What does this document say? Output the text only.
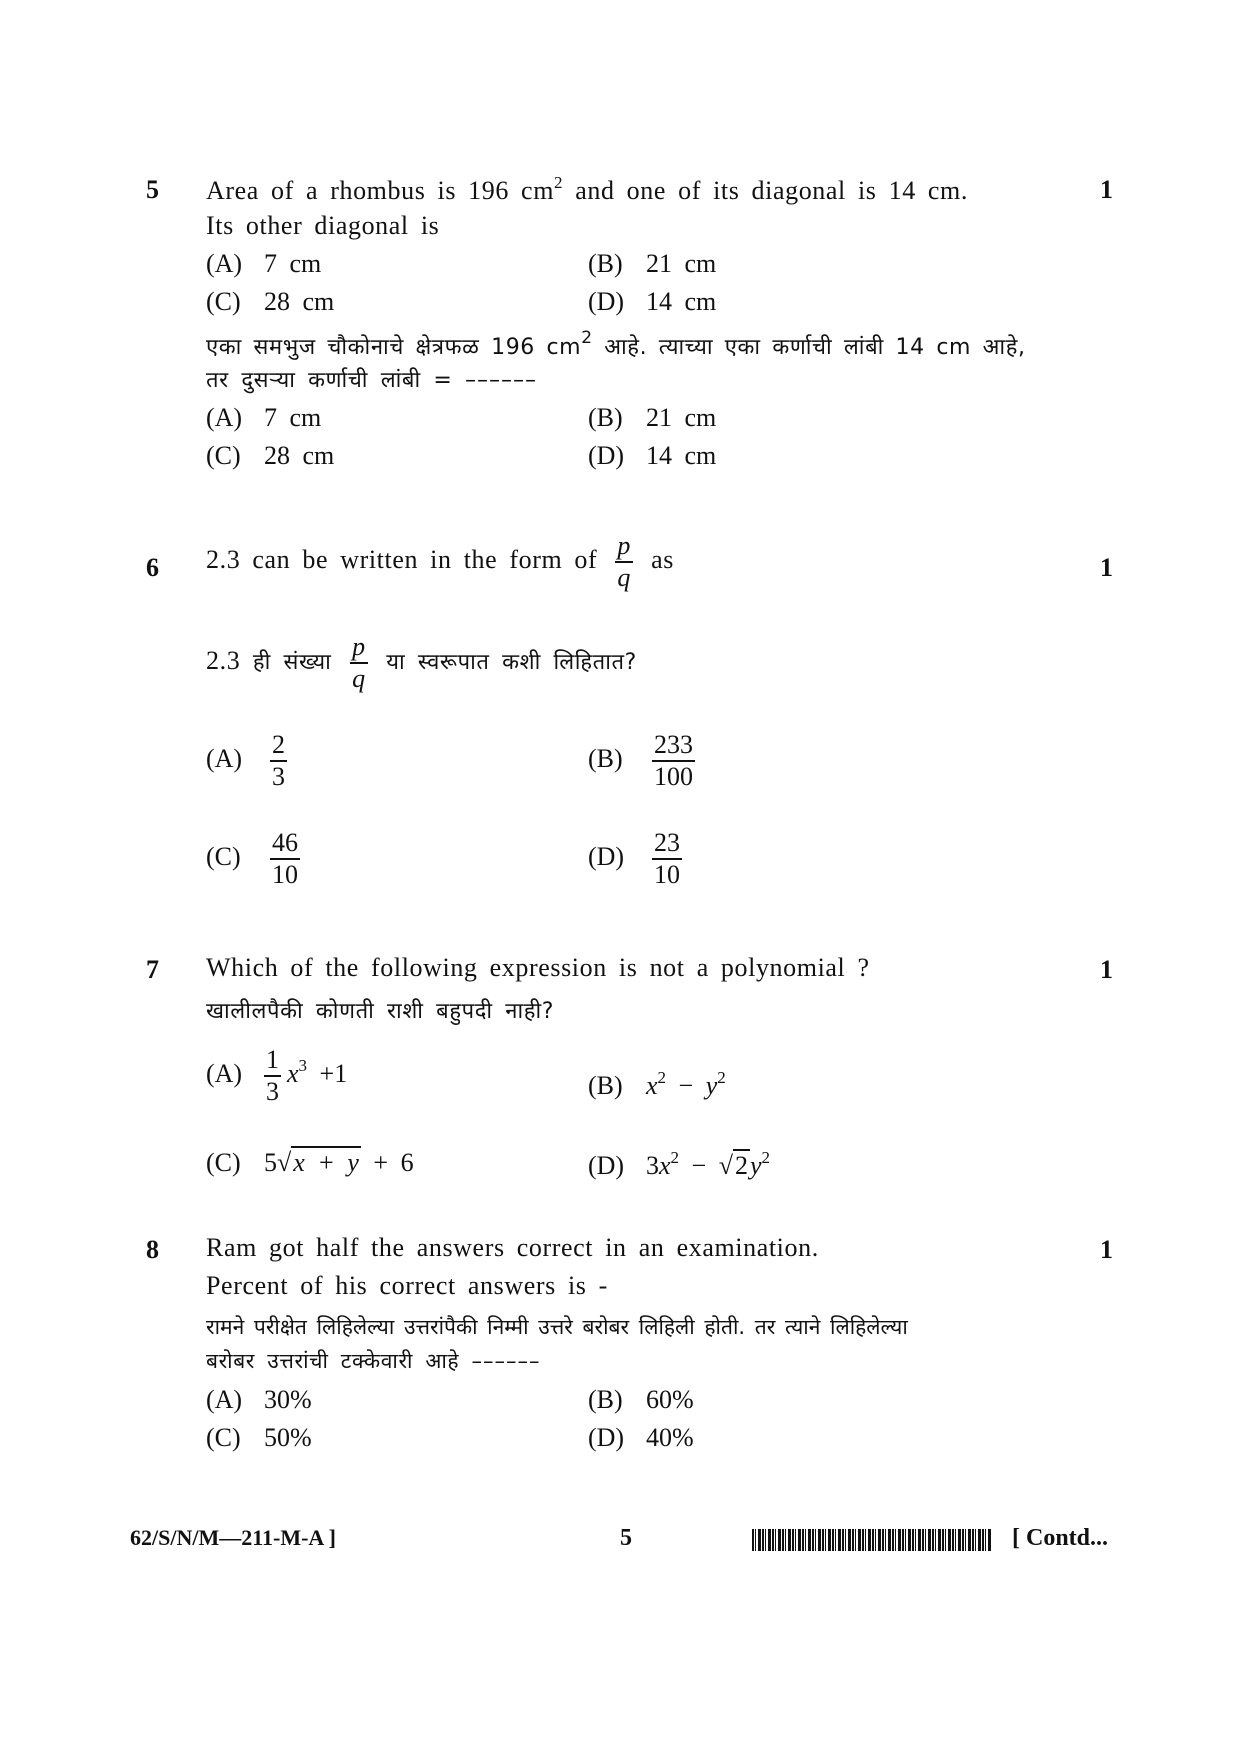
5	1
Area of a rhombus is 196 $cm^2$ and one of its diagonal is 14 cm.
Its other diagonal is
(A) 7 cm	(B) 21 cm
(C) 28 cm	(D) 14 cm
एका समभुज चौकोनाचे क्षेत्रफळ 196 $cm^2$ आहे. त्याच्या एका कर्णाची लांबी 14 cm आहे,
तर दुसऱ्या कर्णाची लांबी = ––––––
(A) 7 cm	(B) 21 cm
(C) 28 cm	(D) 14 cm
6	1
2.3 can be written in the form of $\frac{p}{q}$ as
2.3 ही संख्या $\frac{p}{q}$ या स्वरूपात कशी लिहितात?
$(A) \frac{2}{3}$	$(B) \frac{233}{100}$
$(C) \frac{46}{10}$	$(D) \frac{23}{10}$
7	1
Which of the following expression is not a polynomial ?
खालीलपैकी कोणती राशी बहुपदी नाही?
$(A) \frac{1}{3} x^3 +1$	(B) $x^2 - y^2$
(C) 5√x + y + 6	(D) $3x^2 - √2y^2$
8	1
Ram got half the answers correct in an examination.
Percent of his correct answers is -
रामने परीक्षेत लिहिलेल्या उत्तरांपैकी निम्मी उत्तरे बरोबर लिहिली होती. तर त्याने लिहिलेल्या
बरोबर उत्तरांची टक्केवारी आहे ––––––
(A) 30%	(B) 60%
(C) 50%	(D) 40%
62/S/N/M—211-M-A ]	5	[ Contd...
